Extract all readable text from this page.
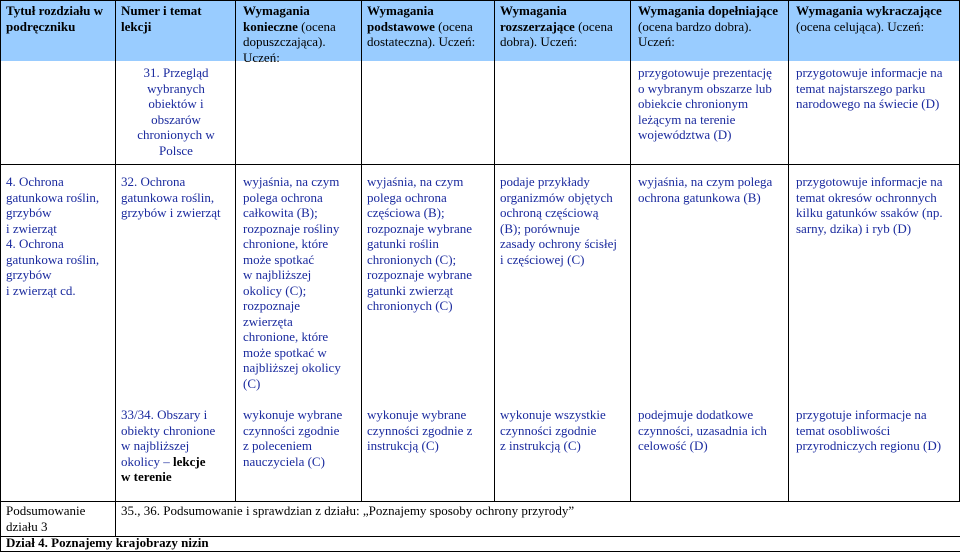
Tytuł rozdziału w podręczniku
Numer i temat lekcji
Wymagania konieczne (ocena dopuszczająca). Uczeń:
Wymagania podstawowe (ocena dostateczna). Uczeń:
Wymagania rozszerzające (ocena dobra). Uczeń:
Wymagania dopełniające (ocena bardzo dobra). Uczeń:
Wymagania wykraczające (ocena celująca). Uczeń:
31. Przegląd
wybranych
obiektów i
obszarów
chronionych w
Polsce
przygotowuje prezentację
o wybranym obszarze lub
obiekcie chronionym
leżącym na terenie
województwa (D)
przygotowuje informacje na
temat najstarszego parku
narodowego na świecie (D)
4. Ochrona
gatunkowa roślin,
grzybów
i zwierząt
4. Ochrona
gatunkowa roślin,
grzybów
i zwierząt cd.
32. Ochrona
gatunkowa roślin,
grzybów i zwierząt
wyjaśnia, na czym
polega ochrona
całkowita (B);
rozpoznaje rośliny
chronione, które
może spotkać
w najbliższej
okolicy (C);
rozpoznaje
zwierzęta
chronione, które
może spotkać w
najbliższej okolicy
(C)
wyjaśnia, na czym
polega ochrona
częściowa (B);
rozpoznaje wybrane
gatunki roślin
chronionych (C);
rozpoznaje wybrane
gatunki zwierząt
chronionych (C)
podaje przykłady
organizmów objętych
ochroną częściową
(B); porównuje
zasady ochrony ścisłej
i częściowej (C)
wyjaśnia, na czym polega
ochrona gatunkowa (B)
przygotowuje informacje na
temat okresów ochronnych
kilku gatunków ssaków (np.
sarny, dzika) i ryb (D)
33/34. Obszary i
obiekty chronione
w najbliższej
okolicy – lekcje
w terenie
wykonuje wybrane
czynności zgodnie
z poleceniem
nauczyciela (C)
wykonuje wybrane
czynności zgodnie z
instrukcją (C)
wykonuje wszystkie
czynności zgodnie
z instrukcją (C)
podejmuje dodatkowe
czynności, uzasadnia ich
celowość (D)
przygotuje informacje na
temat osobliwości
przyrodniczych regionu (D)
Podsumowanie
działu 3
35., 36. Podsumowanie i sprawdzian z działu: „Poznajemy sposoby ochrony przyrody”
Dział 4. Poznajemy krajobrazy nizin
